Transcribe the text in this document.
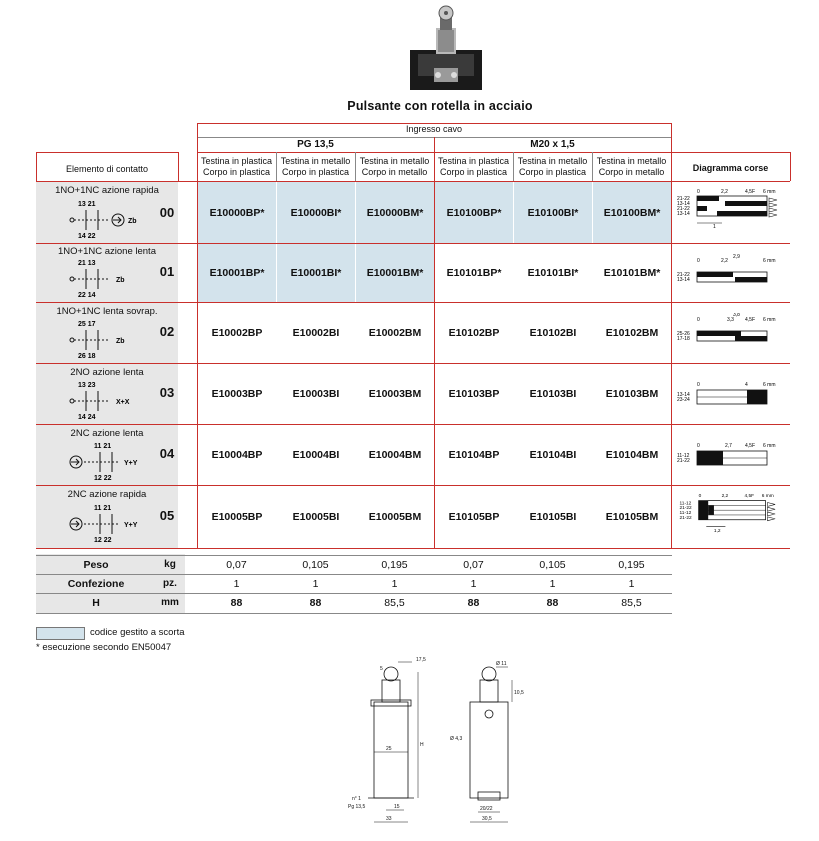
Pulsante con rotella in acciaio
Ingresso cavo
PG 13,5	M20 x 1,5
Elemento di contatto	Diagramma corse
Testina in plastica
Corpo in plastica
Testina in metallo
Corpo in plastica
Testina in metallo
Corpo in metallo
Testina in plastica
Corpo in plastica
Testina in metallo
Corpo in plastica
Testina in metallo
Corpo in metallo
1NO+1NC azione rapida
13 21
Zb
14 22
00	E10000BP*	E10000BI*	E10000BM*	E10100BP*	E10100BI*	E10100BM*
0	2,2	4,5F 6 mm
21-22
13-14
21-22
13-14
1
1NO+1NC azione lenta
21 13
Zb
22 14
01	E10001BP*	E10001BI*	E10001BM*	E10101BP*	E10101BI*	E10101BM*
0	2,2
2,9
6 mm
21-22
13-14
1NO+1NC lenta sovrap.
25 17
Zb
26 18
02	E10002BP	E10002BI	E10002BM	E10102BP	E10102BI	E10102BM
0	3,3
3,8
4,5F 6 mm
25-26
17-18
2NO azione lenta
13 23
X+X
14 24
03	E10003BP	E10003BI	E10003BM	E10103BP	E10103BI	E10103BM
0	4	6 mm
13-14
23-24
2NC azione lenta
11 21
Y+Y
12 22
04	E10004BP	E10004BI	E10004BM	E10104BP	E10104BI	E10104BM
0	2,7	4,5F 6 mm
11-12
21-22
2NC azione rapida
11 21
Y+Y
12 22
05	E10005BP	E10005BI	E10005BM	E10105BP	E10105BI	E10105BM
0	2,2	4,5F 6 mm
11-12
21-22
11-12
21-22
1,2
Peso	kg	0,07	0,105	0,195	0,07	0,105	0,195
Confezione	pz.	1	1	1	1	1	1
H	mm	88	88	85,5	88	88	85,5
codice gestito a scorta
* esecuzione secondo EN50047
17,5
5
25
H
n° 1
Pg 13,5	15
33
Ø 11
10,5
Ø 4,3
20/22
30,5
